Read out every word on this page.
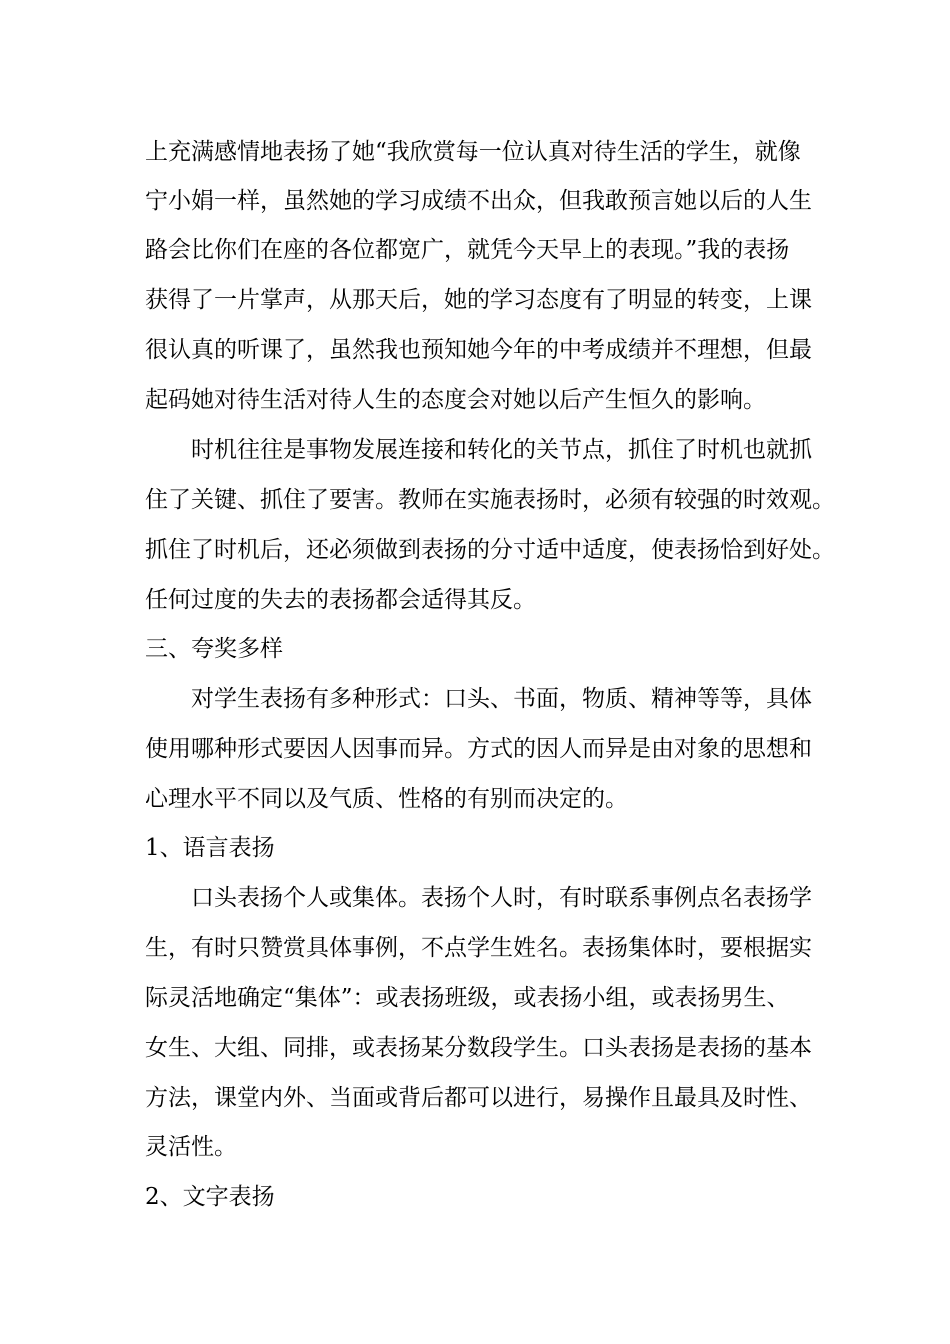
上充满感情地表扬了她“我欣赏每一位认真对待生活的学生，就像
宁小娟一样，虽然她的学习成绩不出众，但我敢预言她以后的人生
路会比你们在座的各位都宽广，就凭今天早上的表现。”我的表扬
获得了一片掌声，从那天后，她的学习态度有了明显的转变，上课
很认真的听课了，虽然我也预知她今年的中考成绩并不理想，但最
起码她对待生活对待人生的态度会对她以后产生恒久的影响。
时机往往是事物发展连接和转化的关节点，抓住了时机也就抓
住了关键、抓住了要害。教师在实施表扬时，必须有较强的时效观。
抓住了时机后，还必须做到表扬的分寸适中适度，使表扬恰到好处。
任何过度的失去的表扬都会适得其反。
三、夸奖多样
对学生表扬有多种形式：口头、书面，物质、精神等等，具体
使用哪种形式要因人因事而异。方式的因人而异是由对象的思想和
心理水平不同以及气质、性格的有别而决定的。
1、语言表扬
口头表扬个人或集体。表扬个人时，有时联系事例点名表扬学
生，有时只赞赏具体事例，不点学生姓名。表扬集体时，要根据实
际灵活地确定“集体”：或表扬班级，或表扬小组，或表扬男生、
女生、大组、同排，或表扬某分数段学生。口头表扬是表扬的基本
方法，课堂内外、当面或背后都可以进行，易操作且最具及时性、
灵活性。
2、文字表扬
